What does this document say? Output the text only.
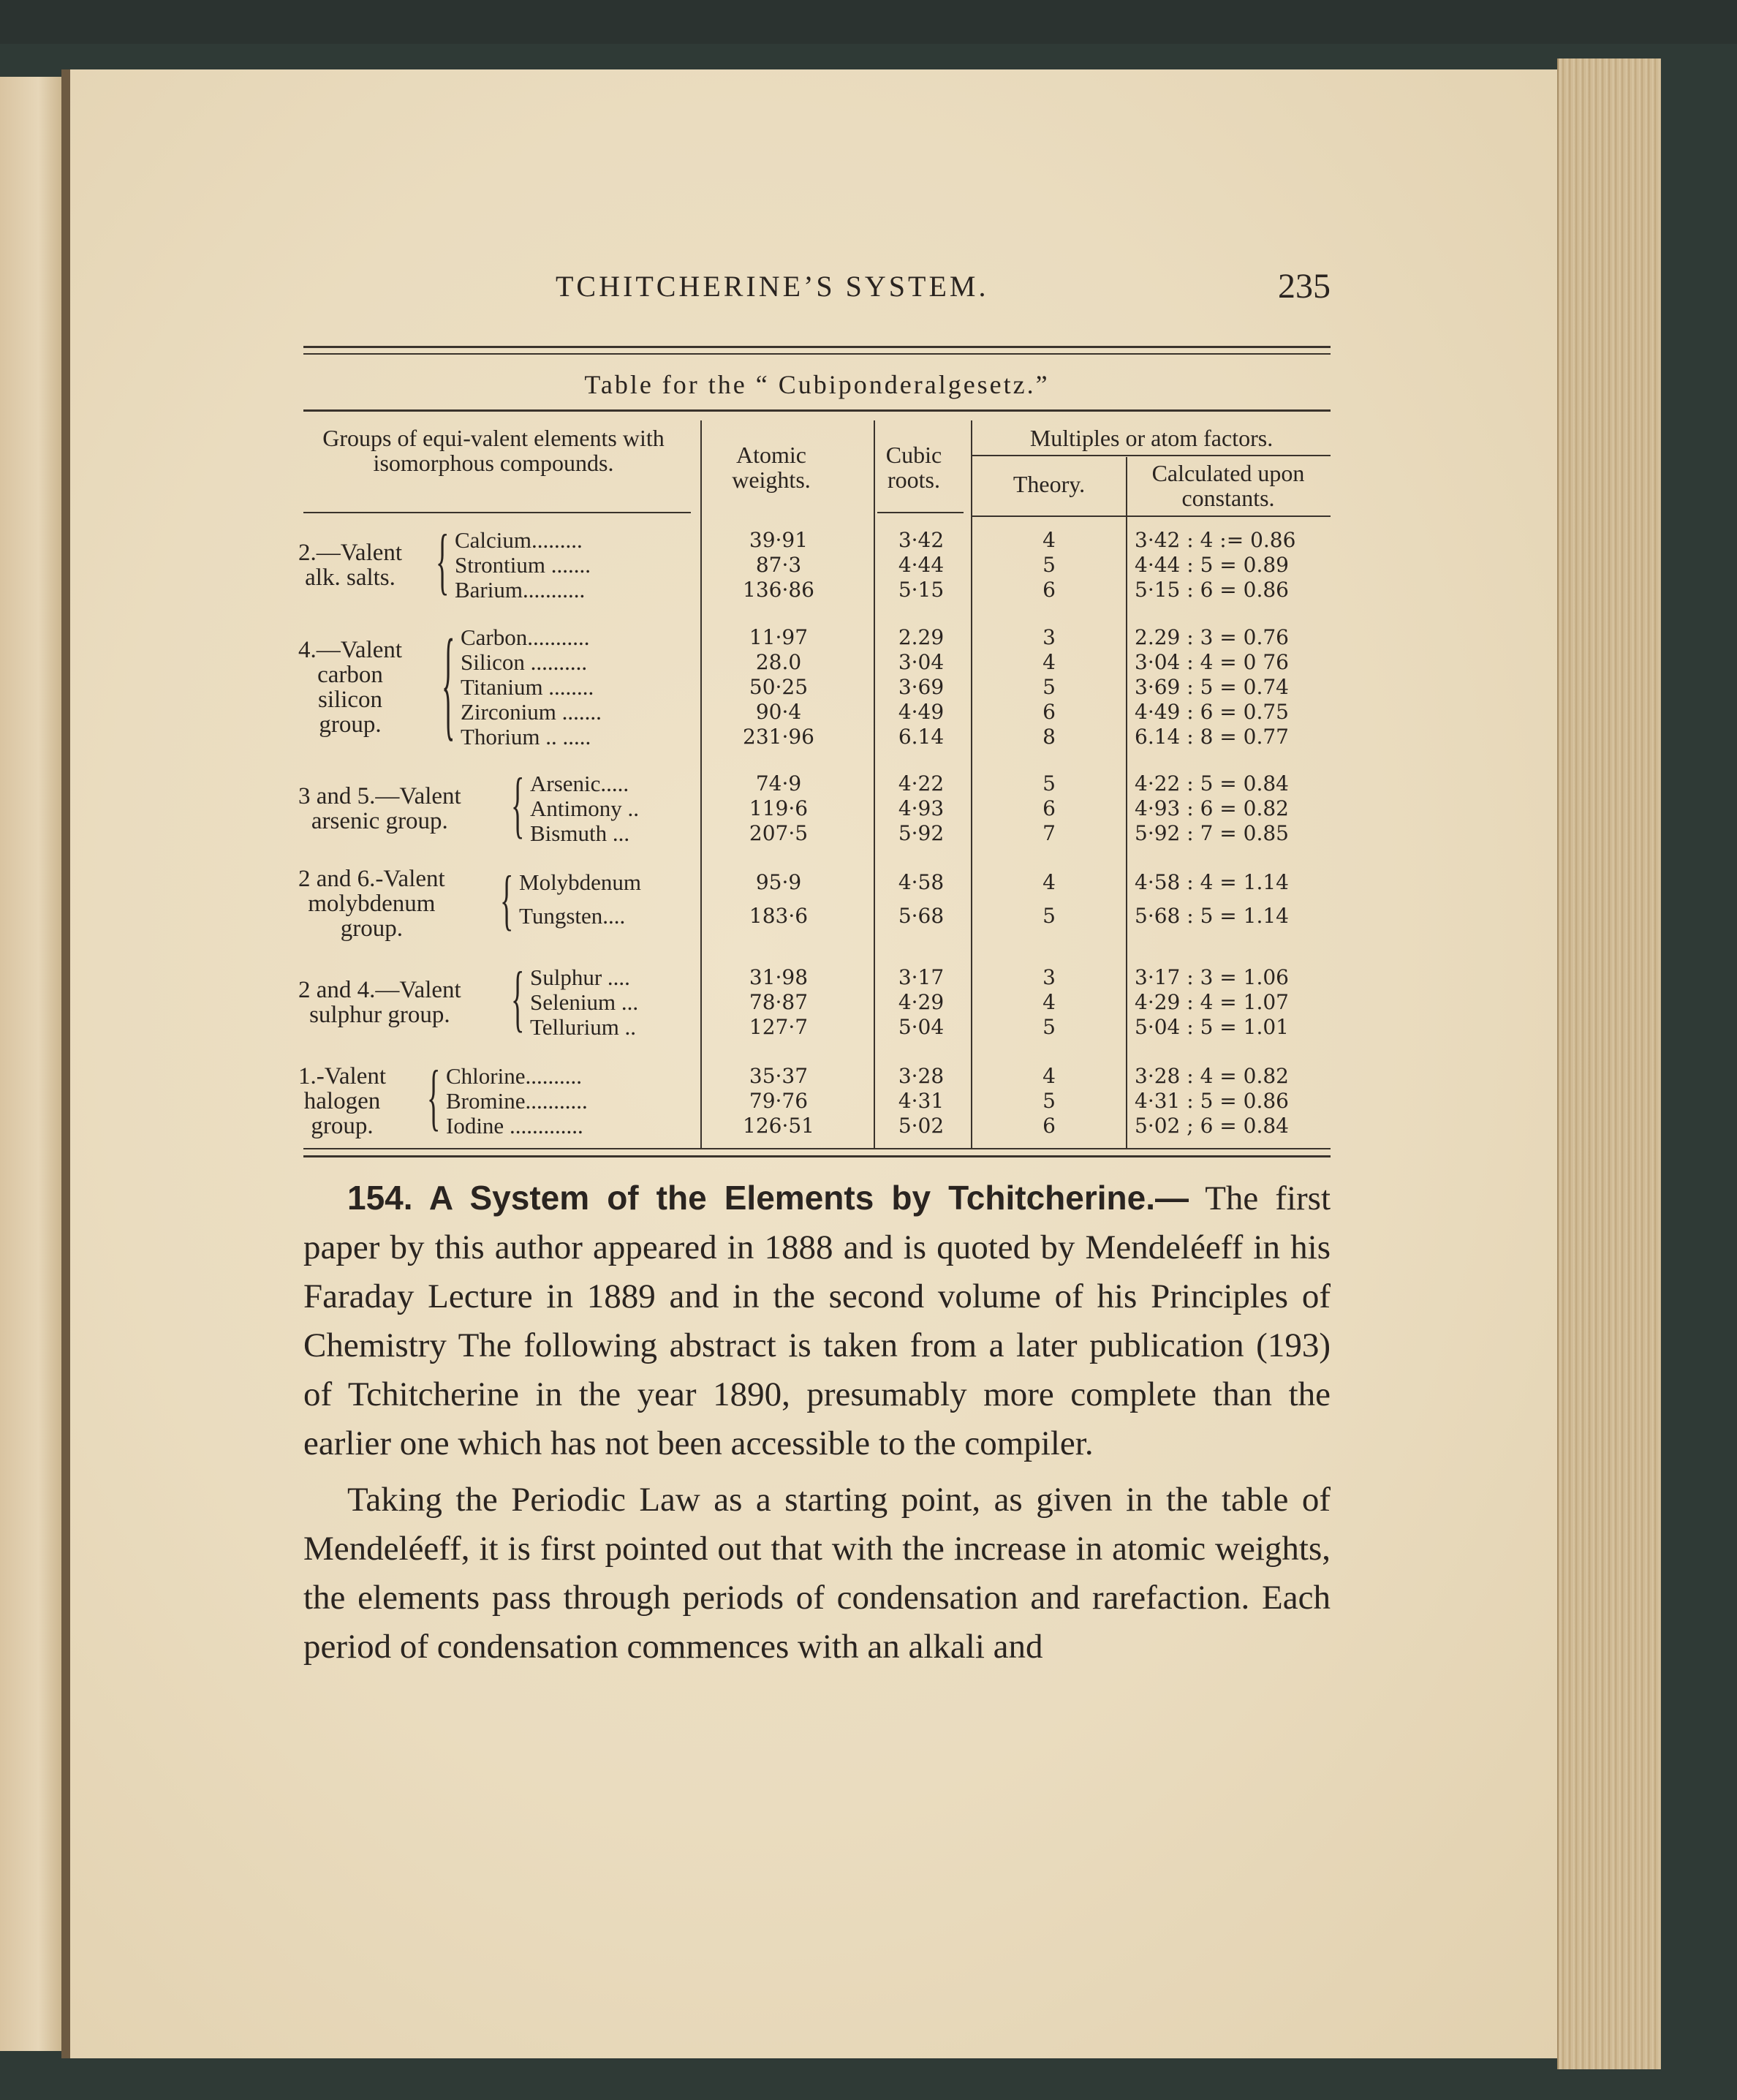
TCHITCHERINE’S SYSTEM.	235
Table for the “ Cubiponderalgesetz.”
Groups of equi-valent elements with isomorphous compounds.	Atomic weights.
Cubic roots.
Multiples or atom factors.
Theory.	Calculated upon constants.
2.—Valent
alk. salts. { Calcium.........	39·91	3·42	4	3·42 : 4 := 0.86
Strontium .......	87·3	4·44	5	4·44 : 5 = 0.89
Barium...........	136·86	5·15	6	5·15 : 6 = 0.86
4.—Valent
carbon
silicon
group. { Carbon...........	11·97	2.29	3	2.29 : 3 = 0.76
Silicon ..........	28.0	3·04	4	3·04 : 4 = 0 76
Titanium ........	50·25	3·69	5	3·69 : 5 = 0.74
Zirconium .......	90·4	4·49	6	4·49 : 6 = 0.75
Thorium .. .....	231·96	6.14	8	6.14 : 8 = 0.77
3 and 5.—Valent
arsenic group. { Arsenic.....	74·9	4·22	5	4·22 : 5 = 0.84
Antimony ..	119·6	4·93	6	4·93 : 6 = 0.82
Bismuth ...	207·5	5·92	7	5·92 : 7 = 0.85
2 and 6.-Valent
molybdenum
group.	{ Molybdenum	95·9	4·58	4	4·58 : 4 = 1.14
Tungsten....	183·6	5·68	5	5·68 : 5 = 1.14
2 and 4.—Valent
sulphur group. { Sulphur ....	31·98	3·17	3	3·17 : 3 = 1.06
Selenium ...	78·87	4·29	4	4·29 : 4 = 1.07
Tellurium ..	127·7	5·04	5	5·04 : 5 = 1.01
1.-Valent
halogen
group. { Chlorine..........	35·37	3·28	4	3·28 : 4 = 0.82
Bromine...........	79·76	4·31	5	4·31 : 5 = 0.86
Iodine .............	126·51	5·02	6	5·02 ; 6 = 0.84

154. A System of the Elements by Tchitcherine.— The first paper by this author appeared in 1888 and is quoted by Mendeléeff in his Faraday Lecture in 1889 and in the second volume of his Principles of Chemistry The following abstract is taken from a later publication (193) of Tchitcherine in the year 1890, presumably more complete than the earlier one which has not been accessible to the compiler.

Taking the Periodic Law as a starting point, as given in the table of Mendeléeff, it is first pointed out that with the increase in atomic weights, the elements pass through periods of condensation and rarefaction. Each period of condensation commences with an alkali and
